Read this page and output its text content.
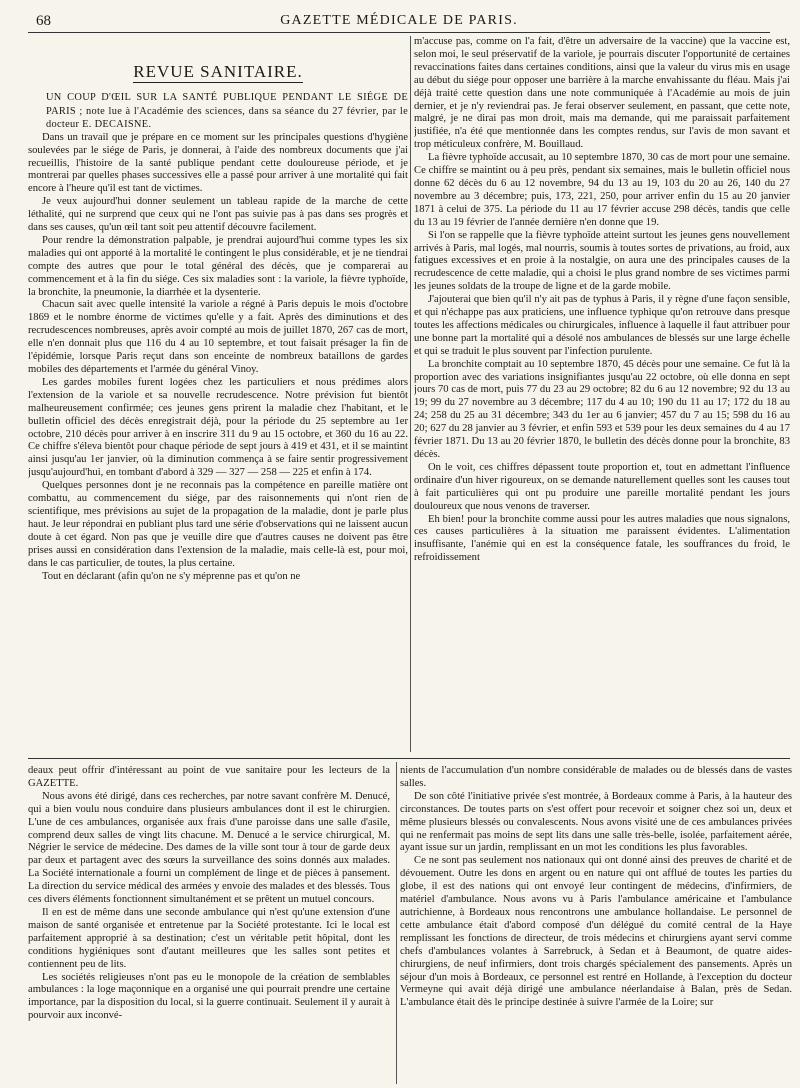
68	GAZETTE MÉDICALE DE PARIS.
REVUE SANITAIRE.

UN COUP D'ŒIL SUR LA SANTÉ PUBLIQUE PENDANT LE SIÉGE DE PARIS ; note lue à l'Académie des sciences, dans sa séance du 27 février, par le docteur E. DECAISNE.

Dans un travail que je prépare en ce moment sur les principales questions d'hygiène soulevées par le siége de Paris, je donnerai, à l'aide des nombreux documents que j'ai recueillis, l'histoire de la santé publique pendant cette douloureuse période, et je montrerai par quelles phases successives elle a passé pour arriver à une mortalité qui fait encore à l'heure qu'il est tant de victimes.

Je veux aujourd'hui donner seulement un tableau rapide de la marche de cette léthalité, qui ne surprend que ceux qui ne l'ont pas suivie pas à pas dans ses progrès et dans ses causes, qu'un œil tant soit peu attentif découvre facilement.

Pour rendre la démonstration palpable, je prendrai aujourd'hui comme types les six maladies qui ont apporté à la mortalité le contingent le plus considérable, et je ne tiendrai compte des autres que pour le total général des décès, que je comparerai au commencement et à la fin du siége. Ces six maladies sont : la variole, la fièvre typhoïde, la bronchite, la pneumonie, la diarrhée et la dysenterie.

Chacun sait avec quelle intensité la variole a régné à Paris depuis le mois d'octobre 1869 et le nombre énorme de victimes qu'elle y a fait. Après des diminutions et des recrudescences nombreuses, après avoir compté au mois de juillet 1870, 267 cas de mort, elle n'en donnait plus que 116 du 4 au 10 septembre, et tout faisait présager la fin de l'épidémie, lorsque Paris reçut dans son enceinte de nombreux bataillons de gardes mobiles des départements et l'armée du général Vinoy.

Les gardes mobiles furent logées chez les particuliers et nous prédimes alors l'extension de la variole et sa nouvelle recrudescence. Notre prévision fut bientôt malheureusement confirmée; ces jeunes gens prirent la maladie chez l'habitant, et le bulletin officiel des décès enregistrait déjà, pour la période du 25 septembre au 1er octobre, 210 décès pour arriver à en inscrire 311 du 9 au 15 octobre, et 360 du 16 au 22. Ce chiffre s'éleva bientôt pour chaque période de sept jours à 419 et 431, et il se maintint ainsi jusqu'au 1er janvier, où la diminution commença à se faire sentir progressivement jusqu'aujourd'hui, en tombant d'abord à 329 — 327 — 258 — 225 et enfin à 174.

Quelques personnes dont je ne reconnais pas la compétence en pareille matière ont combattu, au commencement du siége, par des raisonnements qui n'ont rien de scientifique, mes prévisions au sujet de la propagation de la maladie, dont je parle plus haut. Je leur répondrai en publiant plus tard une série d'observations qui ne laissent aucun doute à cet égard. Non pas que je veuille dire que d'autres causes ne doivent pas être prises aussi en considération dans l'extension de la maladie, mais celle-là est, pour moi, dans le cas particulier, de toutes, la plus certaine.

Tout en déclarant (afin qu'on ne s'y méprenne pas et qu'on ne

m'accuse pas, comme on l'a fait, d'être un adversaire de la vaccine) que la vaccine est, selon moi, le seul préservatif de la variole, je pourrais discuter l'opportunité de certaines revaccinations faites dans certaines conditions, ainsi que la valeur du virus mis en usage au début du siége pour opposer une barrière à la marche envahissante du fléau. Mais j'ai déjà traité cette question dans une note communiquée à l'Académie au mois de juin dernier, et je n'y reviendrai pas. Je ferai observer seulement, en passant, que cette note, malgré, je ne dirai pas mon droit, mais ma demande, qui me paraissait parfaitement justifiée, n'a été que mentionnée dans les comptes rendus, sur l'avis de mon savant et trop méticuleux confrère, M. Bouillaud.

La fièvre typhoïde accusait, au 10 septembre 1870, 30 cas de mort pour une semaine. Ce chiffre se maintint ou à peu près, pendant six semaines, mais le bulletin officiel nous donne 62 décès du 6 au 12 novembre, 94 du 13 au 19, 103 du 20 au 26, 140 du 27 novembre au 3 décembre; puis, 173, 221, 250, pour arriver enfin du 15 au 20 janvier 1871 à celui de 375. La période du 11 au 17 février accuse 298 décès, tandis que celle du 13 au 19 février de l'année dernière n'en donne que 19.

Si l'on se rappelle que la fièvre typhoïde atteint surtout les jeunes gens nouvellement arrivés à Paris, mal logés, mal nourris, soumis à toutes sortes de privations, au froid, aux fatigues excessives et en proie à la nostalgie, on aura une des principales causes de la recrudescence de cette maladie, qui a choisi le plus grand nombre de ses victimes parmi les jeunes soldats de la troupe de ligne et de la garde mobile.

J'ajouterai que bien qu'il n'y ait pas de typhus à Paris, il y règne d'une façon sensible, et qui n'échappe pas aux praticiens, une influence typhique qu'on retrouve dans presque toutes les affections médicales ou chirurgicales, influence à laquelle il faut attribuer pour une bonne part la mortalité qui a désolé nos ambulances de blessés sur une large échelle et qui se traduit le plus souvent par l'infection purulente.

La bronchite comptait au 10 septembre 1870, 45 décès pour une semaine. Ce fut là la proportion avec des variations insignifiantes jusqu'au 22 octobre, où elle donna en sept jours 70 cas de mort, puis 77 du 23 au 29 octobre; 82 du 6 au 12 novembre; 92 du 13 au 19; 99 du 27 novembre au 3 décembre; 117 du 4 au 10; 190 du 11 au 17; 172 du 18 au 24; 258 du 25 au 31 décembre; 343 du 1er au 6 janvier; 457 du 7 au 15; 598 du 16 au 20; 627 du 28 janvier au 3 février, et enfin 593 et 539 pour les deux semaines du 4 au 17 février 1871. Du 13 au 20 février 1870, le bulletin des décès donne pour la bronchite, 83 décès.

On le voit, ces chiffres dépassent toute proportion et, tout en admettant l'influence ordinaire d'un hiver rigoureux, on se demande naturellement quelles sont les causes tout à fait particulières qui ont pu produire une pareille mortalité pendant les jours douloureux que nous venons de traverser.

Eh bien! pour la bronchite comme aussi pour les autres maladies que nous signalons, ces causes particulières à la situation me paraissent évidentes. L'alimentation insuffisante, l'anémie qui en est la conséquence fatale, les souffrances du froid, le refroidissement

deaux peut offrir d'intéressant au point de vue sanitaire pour les lecteurs de la GAZETTE.

Nous avons été dirigé, dans ces recherches, par notre savant confrère M. Denucé, qui a bien voulu nous conduire dans plusieurs ambulances dont il est le chirurgien. L'une de ces ambulances, organisée aux frais d'une paroisse dans une salle d'asile, comprend deux salles de vingt lits chacune. M. Denucé a le service chirurgical, M. Négrier le service de médecine. Des dames de la ville sont tour à tour de garde deux par deux et partagent avec des sœurs la surveillance des soins donnés aux malades. La Société internationale a fourni un complément de linge et de pièces à pansement. La direction du service médical des armées y envoie des malades et des blessés. Tous ces divers éléments fonctionnent simultanément et se prêtent un mutuel concours.

Il en est de même dans une seconde ambulance qui n'est qu'une extension d'une maison de santé organisée et entretenue par la Société protestante. Ici le local est parfaitement approprié à sa destination; c'est un véritable petit hôpital, dont les conditions hygiéniques sont d'autant meilleures que les salles sont petites et contiennent peu de lits.

Les sociétés religieuses n'ont pas eu le monopole de la création de semblables ambulances : la loge maçonnique en a organisé une qui pourrait prendre une certaine importance, par la disposition du local, si la guerre continuait. Seulement il y aurait à pourvoir aux inconvé-

nients de l'accumulation d'un nombre considérable de malades ou de blessés dans de vastes salles.

De son côté l'initiative privée s'est montrée, à Bordeaux comme à Paris, à la hauteur des circonstances. De toutes parts on s'est offert pour recevoir et soigner chez soi un, deux et même plusieurs blessés ou convalescents. Nous avons visité une de ces ambulances privées qui ne renfermait pas moins de sept lits dans une salle très-belle, isolée, parfaitement aérée, ayant issue sur un jardin, remplissant en un mot les conditions les plus favorables.

Ce ne sont pas seulement nos nationaux qui ont donné ainsi des preuves de charité et de dévouement. Outre les dons en argent ou en nature qui ont afflué de toutes les parties du globe, il est des nations qui ont envoyé leur contingent de médecins, d'infirmiers, de matériel d'ambulance. Nous avons vu à Paris l'ambulance américaine et l'ambulance autrichienne, à Bordeaux nous rencontrons une ambulance hollandaise. Le personnel de cette ambulance était d'abord composé d'un délégué du comité central de la Haye remplissant les fonctions de directeur, de trois médecins et chirurgiens ayant servi comme chefs d'ambulances volantes à Sarrebruck, à Sedan et à Beaumont, de quatre aides-chirurgiens, de neuf infirmiers, dont trois chargés spécialement des pansements. Après un séjour d'un mois à Bordeaux, ce personnel est rentré en Hollande, à l'exception du docteur Vermeyne qui avait déjà dirigé une ambulance néerlandaise à Balan, près de Sedan. L'ambulance était dès le principe destinée à suivre l'armée de la Loire; sur
